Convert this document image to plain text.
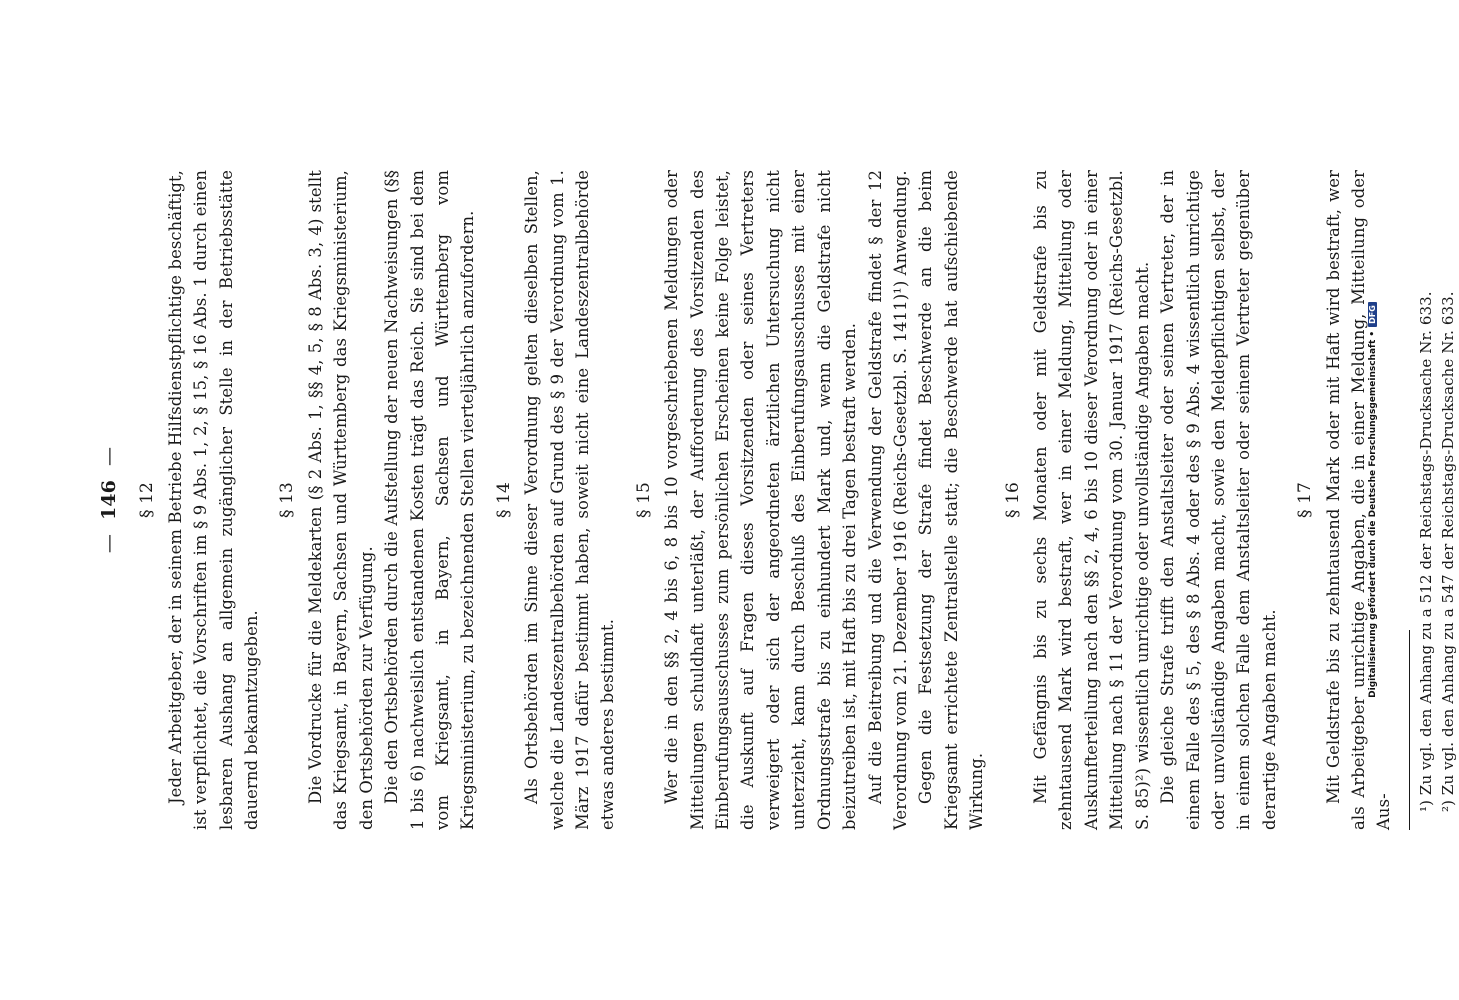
—146—
§ 12 Jeder Arbeitgeber, der in seinem Betriebe Hilfsdienstpflichtige beschäftigt, ist verpflichtet, die Vorschriften im § 9 Abs. 1, 2, § 15, § 16 Abs. 1 durch einen lesbaren Aushang an allgemein zugänglicher Stelle in der Betriebsstätte dauernd bekanntzugeben.

§ 13 Die Vordrucke für die Meldekarten (§ 2 Abs. 1, §§ 4, 5, § 8 Abs. 3, 4) stellt das Kriegsamt, in Bayern, Sachsen und Württemberg das Kriegsministerium, den Ortsbehörden zur Verfügung. Die den Ortsbehörden durch die Aufstellung der neuen Nachweisungen (§§ 1 bis 6) nachweislich entstandenen Kosten trägt das Reich. Sie sind bei dem vom Kriegsamt, in Bayern, Sachsen und Württemberg vom Kriegsministerium, zu bezeichnenden Stellen vierteljährlich anzufordern. § 14 Als Ortsbehörden im Sinne dieser Verordnung gelten dieselben Stellen, welche die Landeszentralbehörden auf Grund des § 9 der Verordnung vom 1. März 1917 dafür bestimmt haben, soweit nicht eine Landeszentralbehörde etwas anderes bestimmt.

§ 15 Wer die in den §§ 2, 4 bis 6, 8 bis 10 vorgeschriebenen Meldungen oder Mitteilungen schuldhaft unterläßt, der Aufforderung des Vorsitzenden des Einberufungsausschusses zum persönlichen Erscheinen keine Folge leistet, die Auskunft auf Fragen dieses Vorsitzenden oder seines Vertreters verweigert oder sich der angeordneten ärztlichen Untersuchung nicht unterzieht, kann durch Beschluß des Einberufungsausschusses mit einer Ordnungsstrafe bis zu einhundert Mark und, wenn die Geldstrafe nicht beizutreiben ist, mit Haft bis zu drei Tagen bestraft werden. Auf die Beitreibung und die Verwendung der Geldstrafe findet § der 12 Verordnung vom 21. Dezember 1916 (Reichs-Gesetzbl. S. 1411)¹) Anwendung. Gegen die Festsetzung der Strafe findet Beschwerde an die beim Kriegsamt errichtete Zentralstelle statt; die Beschwerde hat aufschiebende Wirkung.

§ 16 Mit Gefängnis bis zu sechs Monaten oder mit Geldstrafe bis zu zehntausend Mark wird bestraft, wer in einer Meldung, Mitteilung oder Auskunfterteilung nach den §§ 2, 4, 6 bis 10 dieser Verordnung oder in einer Mitteilung nach § 11 der Verordnung vom 30. Januar 1917 (Reichs-Gesetzbl. S. 85)²) wissentlich unrichtige oder unvollständige Angaben macht. Die gleiche Strafe trifft den Anstaltsleiter oder seinen Vertreter, der in einem Falle des § 5, des § 8 Abs. 4 oder des § 9 Abs. 4 wissentlich unrichtige oder unvollständige Angaben macht, sowie den Meldepflichtigen selbst, der in einem solchen Falle dem Anstaltsleiter oder seinem Vertreter gegenüber derartige Angaben macht.

§ 17 Mit Geldstrafe bis zu zehntausend Mark oder mit Haft wird bestraft, wer als Arbeitgeber unrichtige Angaben, die in einer Meldung, Mitteilung oder Aus- ¹) Zu vgl. den Anhang zu a 512 der Reichstags-Drucksache Nr. 633. ²) Zu vgl. den Anhang zu a 547 der Reichstags-Drucksache Nr. 633.

Digitalisierung gefördert durch die Deutsche Forschungsgemeinschaft •DFG
